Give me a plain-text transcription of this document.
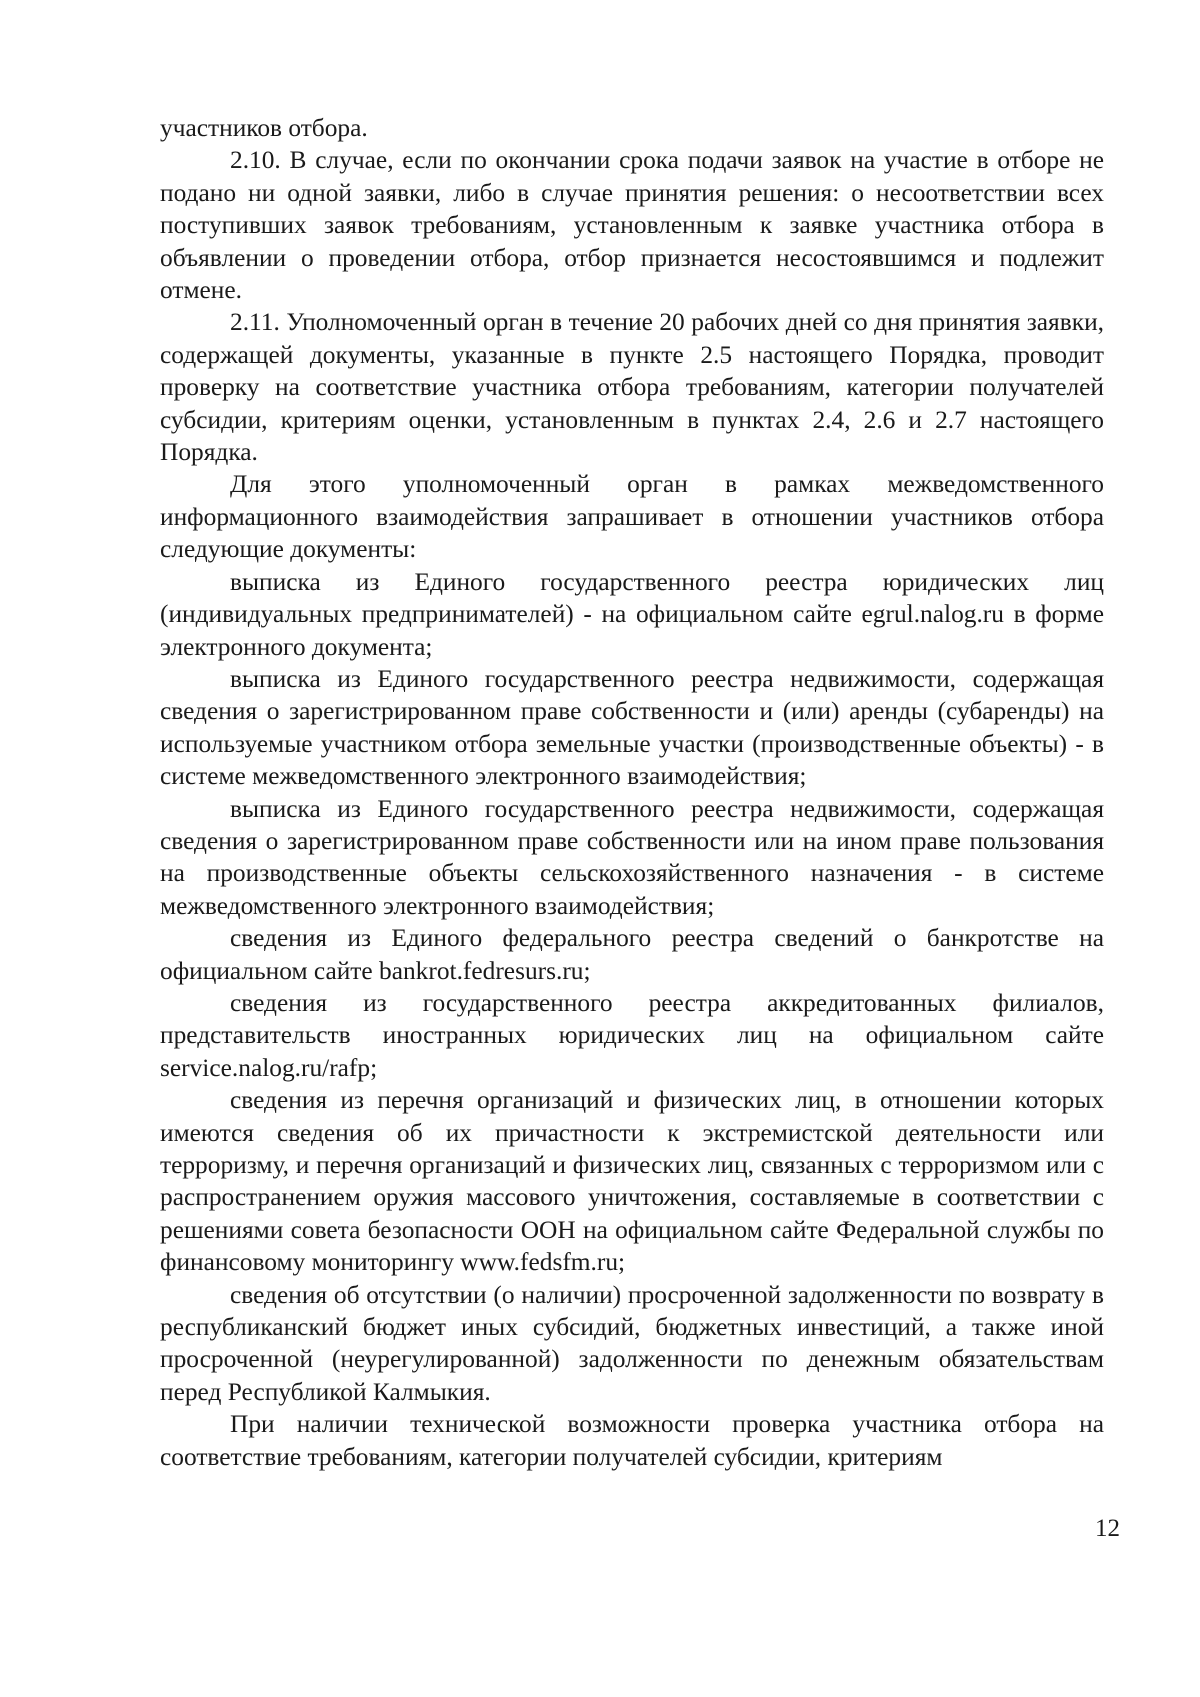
участников отбора.

2.10. В случае, если по окончании срока подачи заявок на участие в отборе не подано ни одной заявки, либо в случае принятия решения: о несоответствии всех поступивших заявок требованиям, установленным к заявке участника отбора в объявлении о проведении отбора, отбор признается несостоявшимся и подлежит отмене.

2.11. Уполномоченный орган в течение 20 рабочих дней со дня принятия заявки, содержащей документы, указанные в пункте 2.5 настоящего Порядка, проводит проверку на соответствие участника отбора требованиям, категории получателей субсидии, критериям оценки, установленным в пунктах 2.4, 2.6 и 2.7 настоящего Порядка.

Для этого уполномоченный орган в рамках межведомственного информационного взаимодействия запрашивает в отношении участников отбора следующие документы:

выписка из Единого государственного реестра юридических лиц (индивидуальных предпринимателей) - на официальном сайте egrul.nalog.ru в форме электронного документа;

выписка из Единого государственного реестра недвижимости, содержащая сведения о зарегистрированном праве собственности и (или) аренды (субаренды) на используемые участником отбора земельные участки (производственные объекты) - в системе межведомственного электронного взаимодействия;

выписка из Единого государственного реестра недвижимости, содержащая сведения о зарегистрированном праве собственности или на ином праве пользования на производственные объекты сельскохозяйственного назначения - в системе межведомственного электронного взаимодействия;

сведения из Единого федерального реестра сведений о банкротстве на официальном сайте bankrot.fedresurs.ru;

сведения из государственного реестра аккредитованных филиалов, представительств иностранных юридических лиц на официальном сайте service.nalog.ru/rafp;

сведения из перечня организаций и физических лиц, в отношении которых имеются сведения об их причастности к экстремистской деятельности или терроризму, и перечня организаций и физических лиц, связанных с терроризмом или с распространением оружия массового уничтожения, составляемые в соответствии с решениями совета безопасности ООН на официальном сайте Федеральной службы по финансовому мониторингу www.fedsfm.ru;

сведения об отсутствии (о наличии) просроченной задолженности по возврату в республиканский бюджет иных субсидий, бюджетных инвестиций, а также иной просроченной (неурегулированной) задолженности по денежным обязательствам перед Республикой Калмыкия.

При наличии технической возможности проверка участника отбора на соответствие требованиям, категории получателей субсидии, критериям

12
